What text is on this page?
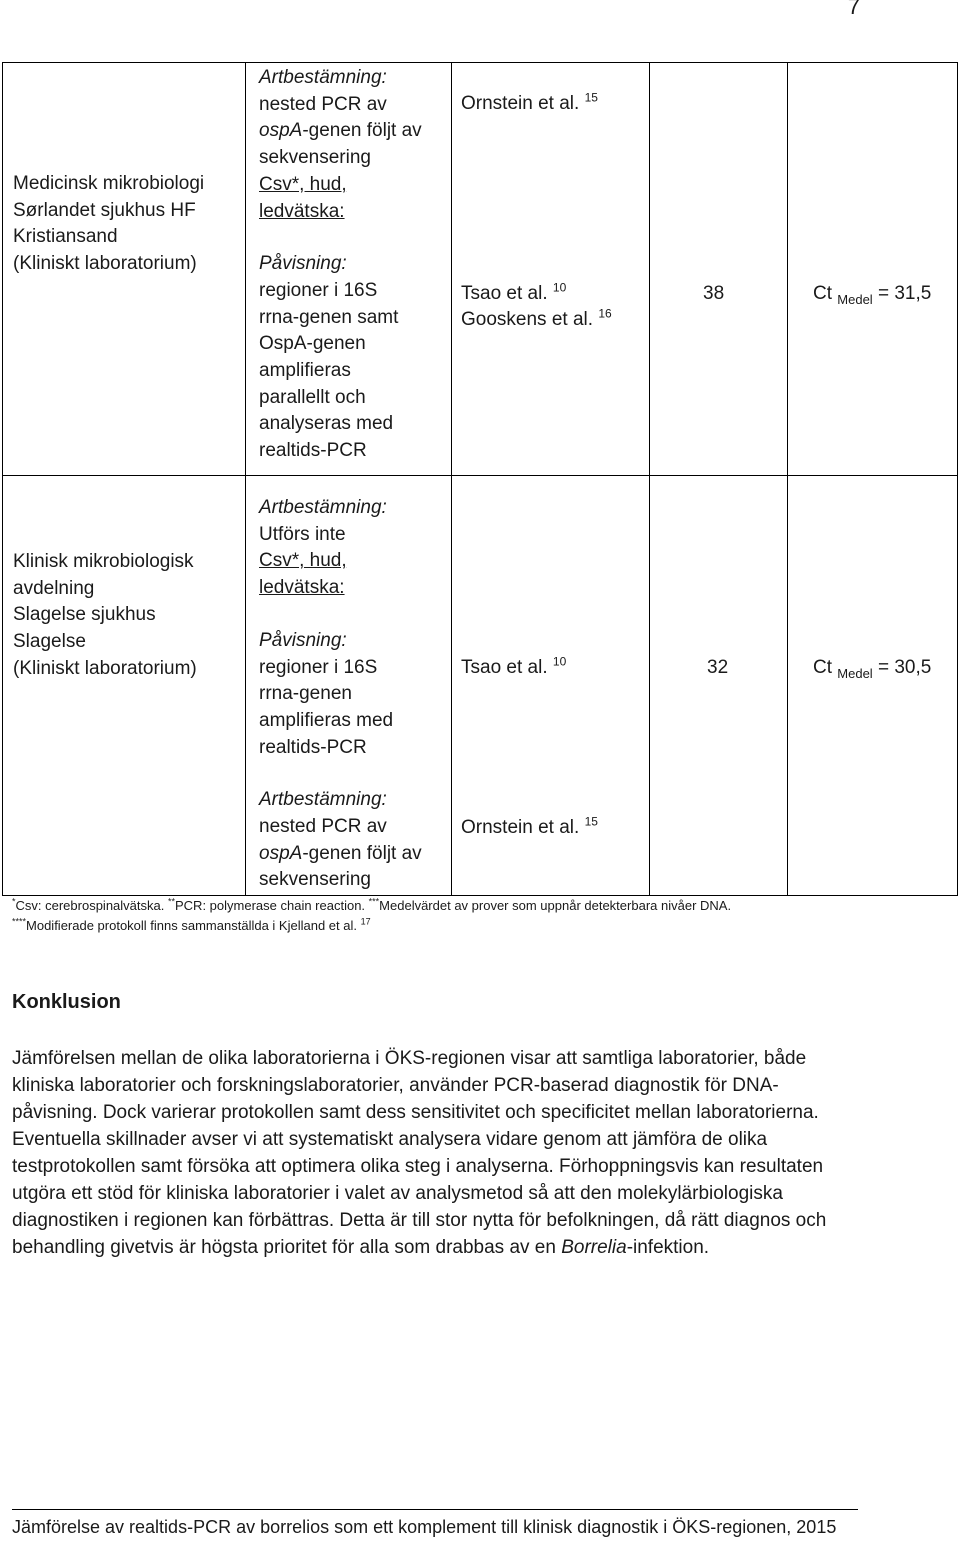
7
Medicinsk mikrobiologi
Sørlandet sjukhus HF
Kristiansand
(Kliniskt laboratorium)
Artbestämning:
nested PCR av
ospA-genen följt av
sekvensering
Csv*, hud,
ledvätska:
Påvisning:
regioner i 16S
rrna-genen samt
OspA-genen
amplifieras
parallellt och
analyseras med
realtids-PCR
Ornstein et al. $^{15}$
Tsao et al. $^{10}$
Gooskens et al. $^{16}$
38	Ct $_{Medel}$ = 31,5
Klinisk mikrobiologisk
avdelning
Slagelse sjukhus
Slagelse
(Kliniskt laboratorium)
Artbestämning:
Utförs inte
Csv*, hud,
ledvätska:
Påvisning:
regioner i 16S
rrna-genen
amplifieras med
realtids-PCR
Artbestämning:
nested PCR av
ospA-genen följt av
sekvensering
Tsao et al. $^{10}$
Ornstein et al. $^{15}$
32	Ct $_{Medel}$ = 30,5
*Csv: cerebrospinalvätska. **PCR: polymerase chain reaction. ***Medelvärdet av prover som uppnår detekterbara nivåer DNA.
****Modifierade protokoll finns sammanställda i Kjelland et al. $^{17}$
Konklusion

Jämförelsen mellan de olika laboratorierna i ÖKS-regionen visar att samtliga laboratorier, både kliniska laboratorier och forskningslaboratorier, använder PCR-baserad diagnostik för DNA-påvisning. Dock varierar protokollen samt dess sensitivitet och specificitet mellan laboratorierna. Eventuella skillnader avser vi att systematiskt analysera vidare genom att jämföra de olika testprotokollen samt försöka att optimera olika steg i analyserna. Förhoppningsvis kan resultaten utgöra ett stöd för kliniska laboratorier i valet av analysmetod så att den molekylärbiologiska diagnostiken i regionen kan förbättras. Detta är till stor nytta för befolkningen, då rätt diagnos och behandling givetvis är högsta prioritet för alla som drabbas av en Borrelia-infektion.

Jämförelse av realtids-PCR av borrelios som ett komplement till klinisk diagnostik i ÖKS-regionen, 2015
